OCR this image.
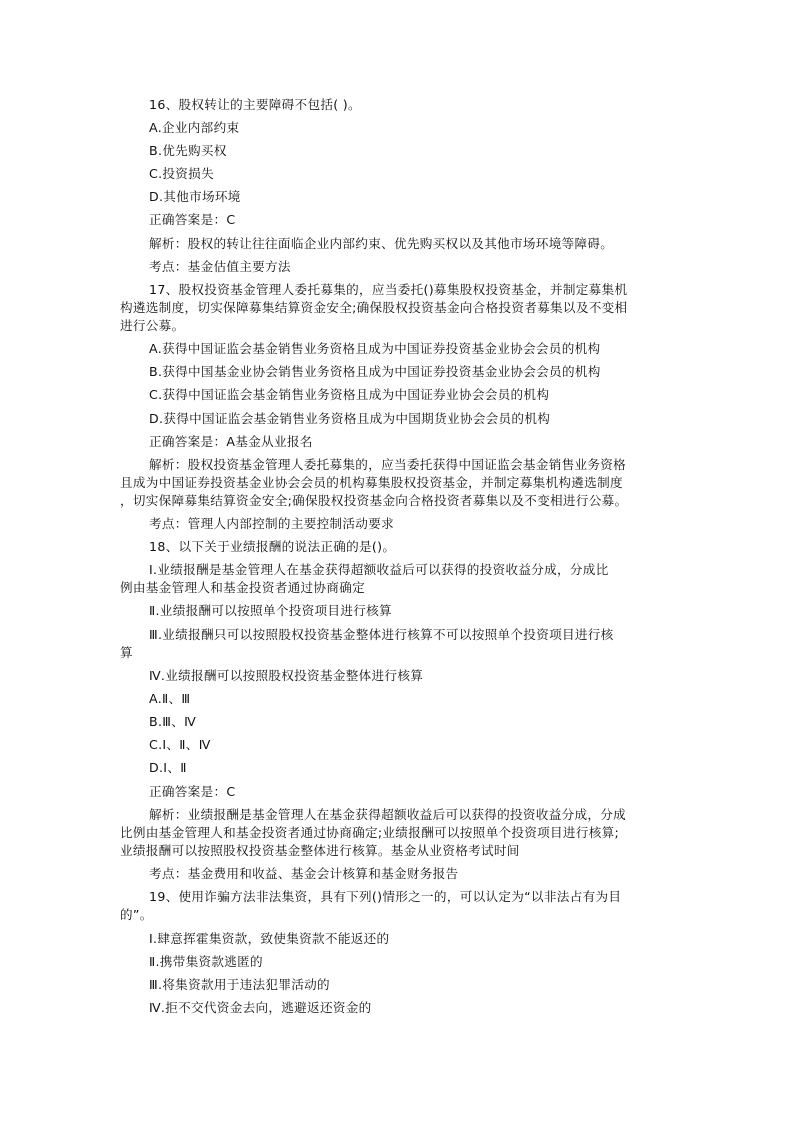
16、股权转让的主要障碍不包括( )。

A.企业内部约束

B.优先购买权

C.投资损失

D.其他市场环境

正确答案是：C

解析：股权的转让往往面临企业内部约束、优先购买权以及其他市场环境等障碍。

考点：基金估值主要方法

17、股权投资基金管理人委托募集的，应当委托()募集股权投资基金，并制定募集机

构遴选制度，切实保障募集结算资金安全;确保股权投资基金向合格投资者募集以及不变相

进行公募。

A.获得中国证监会基金销售业务资格且成为中国证券投资基金业协会会员的机构

B.获得中国基金业协会销售业务资格且成为中国证券投资基金业协会会员的机构

C.获得中国证监会基金销售业务资格且成为中国证券业协会会员的机构

D.获得中国证监会基金销售业务资格且成为中国期货业协会会员的机构

正确答案是：A基金从业报名

解析：股权投资基金管理人委托募集的，应当委托获得中国证监会基金销售业务资格

且成为中国证券投资基金业协会会员的机构募集股权投资基金，并制定募集机构遴选制度

，切实保障募集结算资金安全;确保股权投资基金向合格投资者募集以及不变相进行公募。

考点：管理人内部控制的主要控制活动要求

18、以下关于业绩报酬的说法正确的是()。

Ⅰ.业绩报酬是基金管理人在基金获得超额收益后可以获得的投资收益分成，分成比

例由基金管理人和基金投资者通过协商确定

Ⅱ.业绩报酬可以按照单个投资项目进行核算

Ⅲ.业绩报酬只可以按照股权投资基金整体进行核算不可以按照单个投资项目进行核

算

Ⅳ.业绩报酬可以按照股权投资基金整体进行核算

A.Ⅱ、Ⅲ

B.Ⅲ、Ⅳ

C.Ⅰ、Ⅱ、Ⅳ

D.Ⅰ、Ⅱ

正确答案是：C

解析：业绩报酬是基金管理人在基金获得超额收益后可以获得的投资收益分成，分成

比例由基金管理人和基金投资者通过协商确定;业绩报酬可以按照单个投资项目进行核算;

业绩报酬可以按照股权投资基金整体进行核算。基金从业资格考试时间

考点：基金费用和收益、基金会计核算和基金财务报告

19、使用诈骗方法非法集资，具有下列()情形之一的，可以认定为“以非法占有为目

的”。

Ⅰ.肆意挥霍集资款，致使集资款不能返还的

Ⅱ.携带集资款逃匿的

Ⅲ.将集资款用于违法犯罪活动的

Ⅳ.拒不交代资金去向，逃避返还资金的
